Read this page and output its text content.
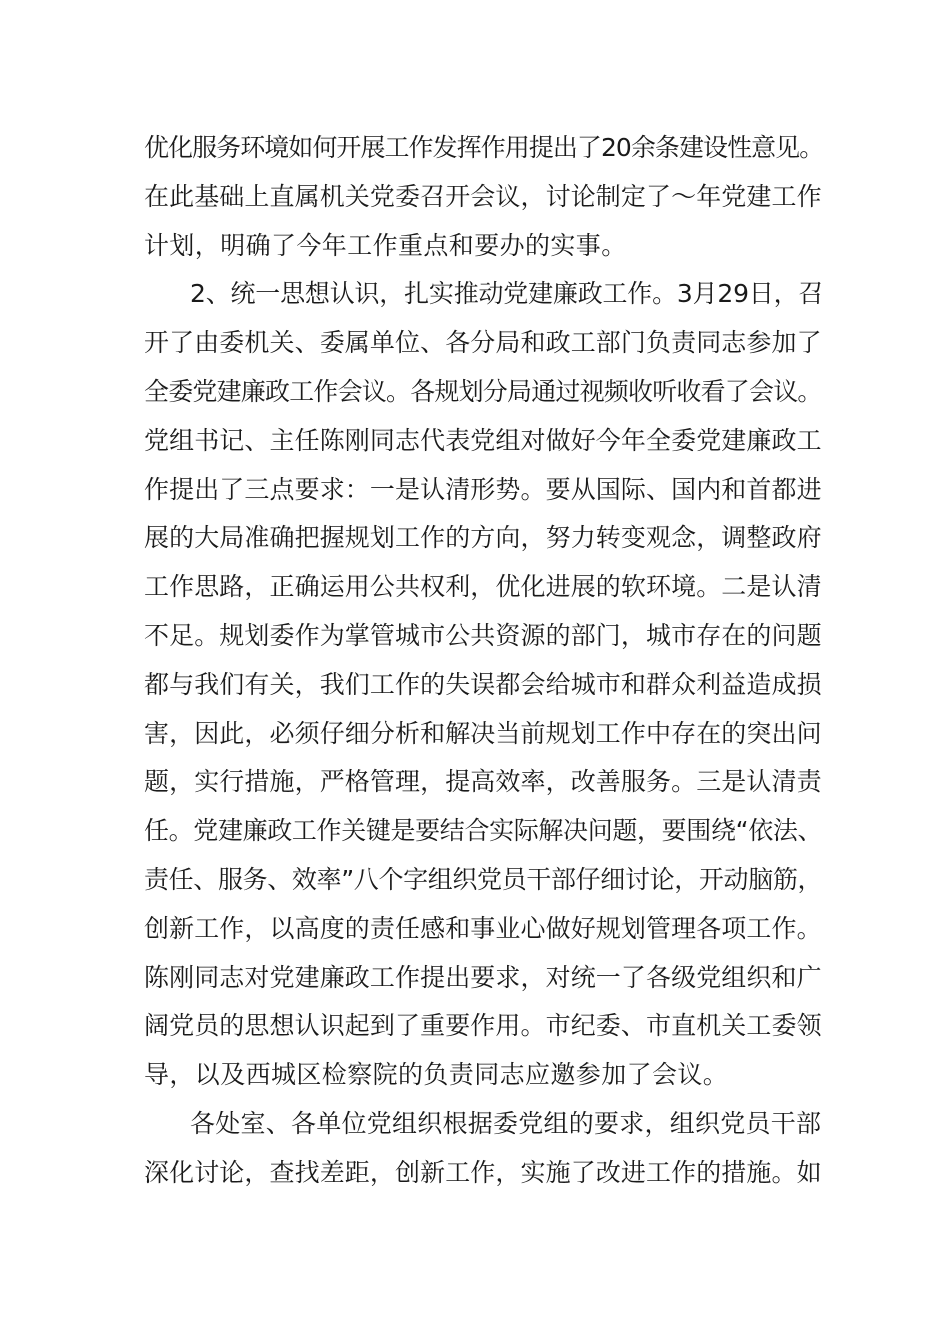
优化服务环境如何开展工作发挥作用提出了20余条建设性意见。
在此基础上直属机关党委召开会议，讨论制定了～年党建工作
计划，明确了今年工作重点和要办的实事。
2、统一思想认识，扎实推动党建廉政工作。3月29日，召
开了由委机关、委属单位、各分局和政工部门负责同志参加了
全委党建廉政工作会议。各规划分局通过视频收听收看了会议。
党组书记、主任陈刚同志代表党组对做好今年全委党建廉政工
作提出了三点要求：一是认清形势。要从国际、国内和首都进
展的大局准确把握规划工作的方向，努力转变观念，调整政府
工作思路，正确运用公共权利，优化进展的软环境。二是认清
不足。规划委作为掌管城市公共资源的部门，城市存在的问题
都与我们有关，我们工作的失误都会给城市和群众利益造成损
害，因此，必须仔细分析和解决当前规划工作中存在的突出问
题，实行措施，严格管理，提高效率，改善服务。三是认清责
任。党建廉政工作关键是要结合实际解决问题，要围绕“依法、
责任、服务、效率”八个字组织党员干部仔细讨论，开动脑筋，
创新工作，以高度的责任感和事业心做好规划管理各项工作。
陈刚同志对党建廉政工作提出要求，对统一了各级党组织和广
阔党员的思想认识起到了重要作用。市纪委、市直机关工委领
导，以及西城区检察院的负责同志应邀参加了会议。
各处室、各单位党组织根据委党组的要求，组织党员干部
深化讨论，查找差距，创新工作，实施了改进工作的措施。如
